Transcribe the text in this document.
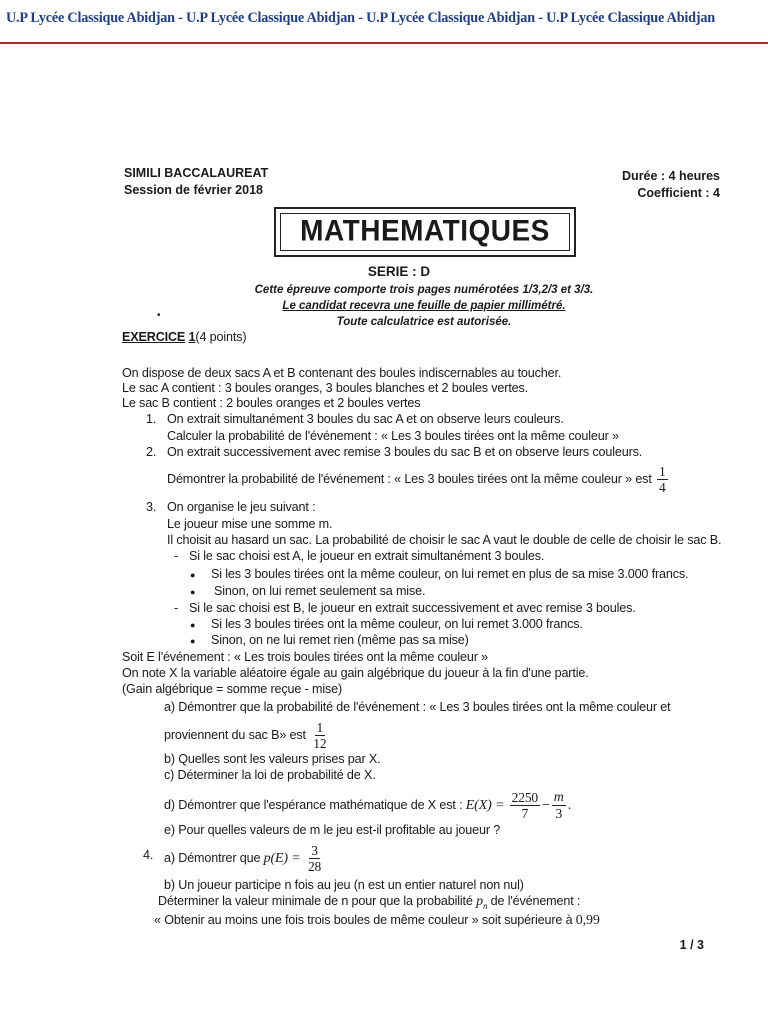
U.P Lycée Classique Abidjan - U.P Lycée Classique Abidjan - U.P Lycée Classique Abidjan - U.P Lycée Classique Abidjan
SIMILI BACCALAUREAT
Session de février 2018
Durée : 4 heures
Coefficient : 4
MATHEMATIQUES
SERIE : D
Cette épreuve comporte trois pages numérotées 1/3,2/3 et 3/3.
Le candidat recevra une feuille de papier millimétré.
Toute calculatrice est autorisée.
•
EXERCICE 1(4 points)
On dispose de deux sacs A et B contenant des boules indiscernables au toucher.
Le sac A contient : 3 boules oranges, 3 boules blanches et 2 boules vertes.
Le sac B contient : 2 boules oranges et 2 boules vertes
1. On extrait simultanément 3 boules du sac A et on observe leurs couleurs.
Calculer la probabilité de l'événement : « Les 3 boules tirées ont la même couleur »
2. On extrait successivement avec remise 3 boules du sac B et on observe leurs couleurs.
Démontrer la probabilité de l'événement : « Les 3 boules tirées ont la même couleur » est $\frac{1}{4}$
3. On organise le jeu suivant :
Le joueur mise une somme m.
Il choisit au hasard un sac. La probabilité de choisir le sac A vaut le double de celle de choisir le sac B.
- Si le sac choisi est A, le joueur en extrait simultanément 3 boules.
● Si les 3 boules tirées ont la même couleur, on lui remet en plus de sa mise 3.000 francs.
● Sinon, on lui remet seulement sa mise.
- Si le sac choisi est B, le joueur en extrait successivement et avec remise 3 boules.
● Si les 3 boules tirées ont la même couleur, on lui remet 3.000 francs.
● Sinon, on ne lui remet rien (même pas sa mise)
Soit E l'événement : « Les trois boules tirées ont la même couleur »
On note X la variable aléatoire égale au gain algébrique du joueur à la fin d'une partie.
(Gain algébrique = somme reçue - mise)
a) Démontrer que la probabilité de l'événement : « Les 3 boules tirées ont la même couleur et
proviennent du sac B» est $\frac{1}{12}$
b) Quelles sont les valeurs prises par X.
c) Déterminer la loi de probabilité de X.
d) Démontrer que l'espérance mathématique de X est : $E(X) = \frac{2250}{7} - \frac{m}{3}$ .
e) Pour quelles valeurs de m le jeu est-il profitable au joueur ?
4. a) Démontrer que $p(E) = \frac{3}{28}$
b) Un joueur participe n fois au jeu (n est un entier naturel non nul)
Déterminer la valeur minimale de n pour que la probabilité $p_n$ de l'événement :
« Obtenir au moins une fois trois boules de même couleur » soit supérieure à 0,99
1 / 3
